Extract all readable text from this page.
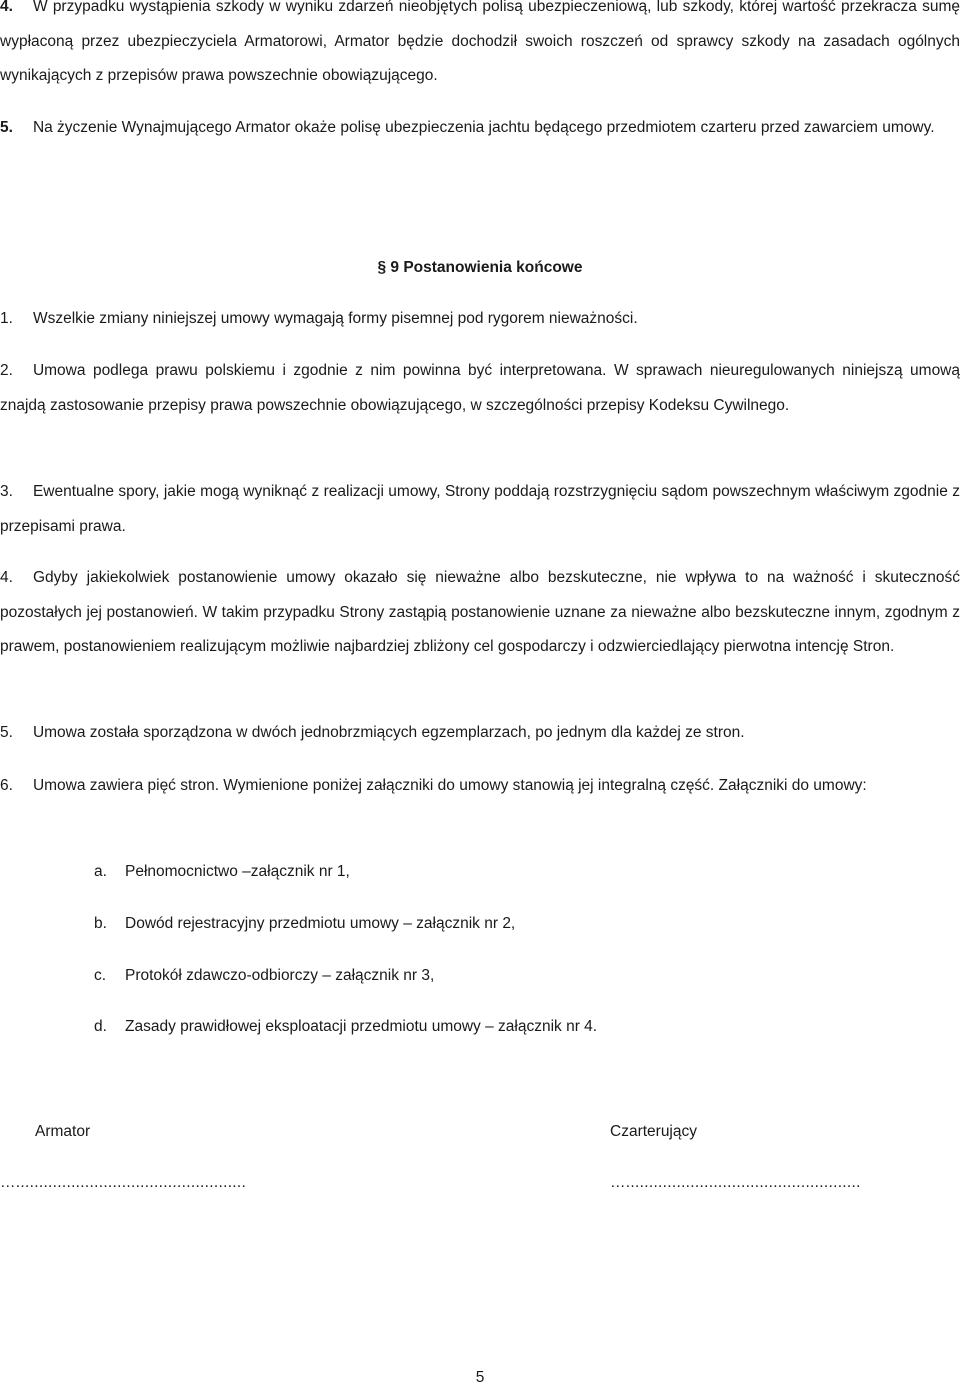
4. W przypadku wystąpienia szkody w wyniku zdarzeń nieobjętych polisą ubezpieczeniową, lub szkody, której wartość przekracza sumę wypłaconą przez ubezpieczyciela Armatorowi, Armator będzie dochodził swoich roszczeń od sprawcy szkody na zasadach ogólnych wynikających z przepisów prawa powszechnie obowiązującego.
5. Na życzenie Wynajmującego Armator okaże polisę ubezpieczenia jachtu będącego przedmiotem czarteru przed zawarciem umowy.
§ 9 Postanowienia końcowe
1. Wszelkie zmiany niniejszej umowy wymagają formy pisemnej pod rygorem nieważności.
2. Umowa podlega prawu polskiemu i zgodnie z nim powinna być interpretowana. W sprawach nieuregulowanych niniejszą umową znajdą zastosowanie przepisy prawa powszechnie obowiązującego, w szczególności przepisy Kodeksu Cywilnego.
3. Ewentualne spory, jakie mogą wyniknąć z realizacji umowy, Strony poddają rozstrzygnięciu sądom powszechnym właściwym zgodnie z przepisami prawa.
4. Gdyby jakiekolwiek postanowienie umowy okazało się nieważne albo bezskuteczne, nie wpływa to na ważność i skuteczność pozostałych jej postanowień. W takim przypadku Strony zastąpią postanowienie uznane za nieważne albo bezskuteczne innym, zgodnym z prawem, postanowieniem realizującym możliwie najbardziej zbliżony cel gospodarczy i odzwierciedlający pierwotna intencję Stron.
5. Umowa została sporządzona w dwóch jednobrzmiących egzemplarzach, po jednym dla każdej ze stron.
6. Umowa zawiera pięć stron. Wymienione poniżej załączniki do umowy stanowią jej integralną część. Załączniki do umowy:
a. Pełnomocnictwo –załącznik nr 1,
b. Dowód rejestracyjny przedmiotu umowy – załącznik nr 2,
c. Protokół zdawczo-odbiorczy – załącznik nr 3,
d. Zasady prawidłowej eksploatacji przedmiotu umowy – załącznik nr 4.
Armator	Czarterujący
…..................................................	…...................................................
5
